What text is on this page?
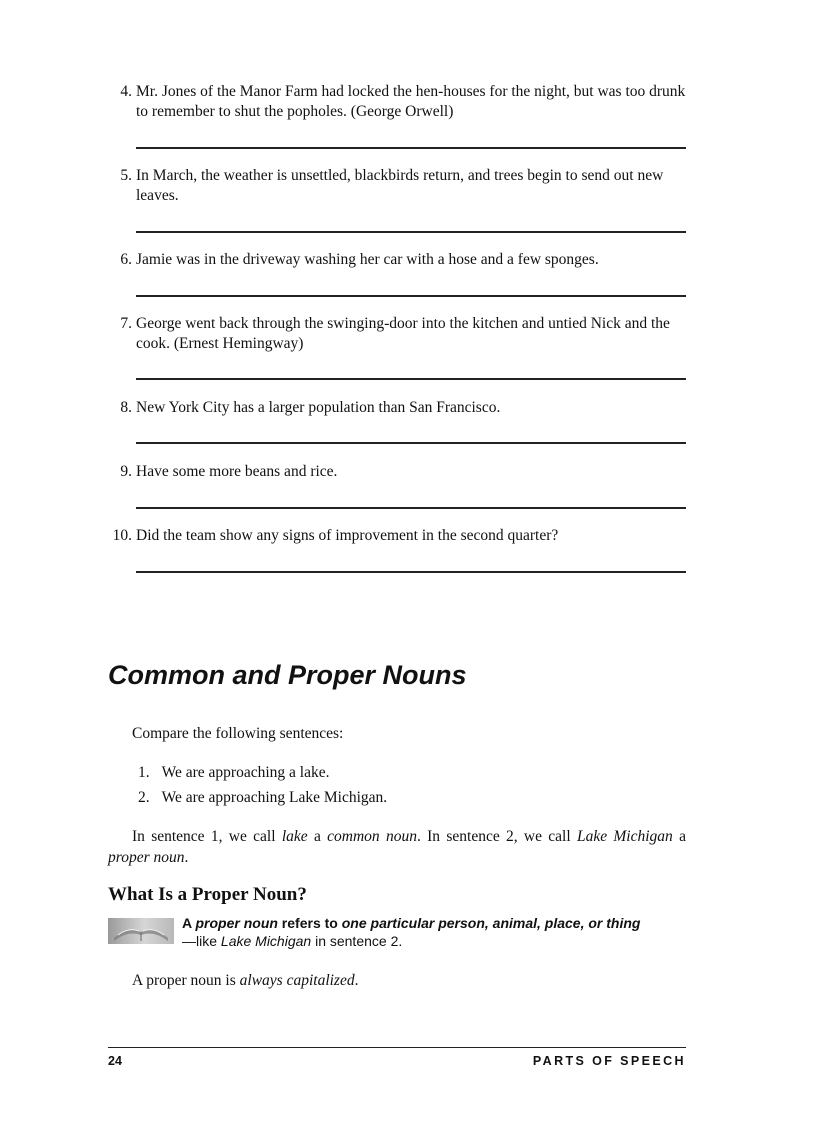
4. Mr. Jones of the Manor Farm had locked the hen-houses for the night, but was too drunk to remember to shut the popholes. (George Orwell)
5. In March, the weather is unsettled, blackbirds return, and trees begin to send out new leaves.
6. Jamie was in the driveway washing her car with a hose and a few sponges.
7. George went back through the swinging-door into the kitchen and untied Nick and the cook. (Ernest Hemingway)
8. New York City has a larger population than San Francisco.
9. Have some more beans and rice.
10. Did the team show any signs of improvement in the second quarter?
Common and Proper Nouns

Compare the following sentences:

1. We are approaching a lake.
2. We are approaching Lake Michigan.

In sentence 1, we call lake a common noun. In sentence 2, we call Lake Michigan a proper noun.

What Is a Proper Noun?
A proper noun refers to one particular person, animal, place, or thing—like Lake Michigan in sentence 2.

A proper noun is always capitalized.

24	PARTS OF SPEECH
